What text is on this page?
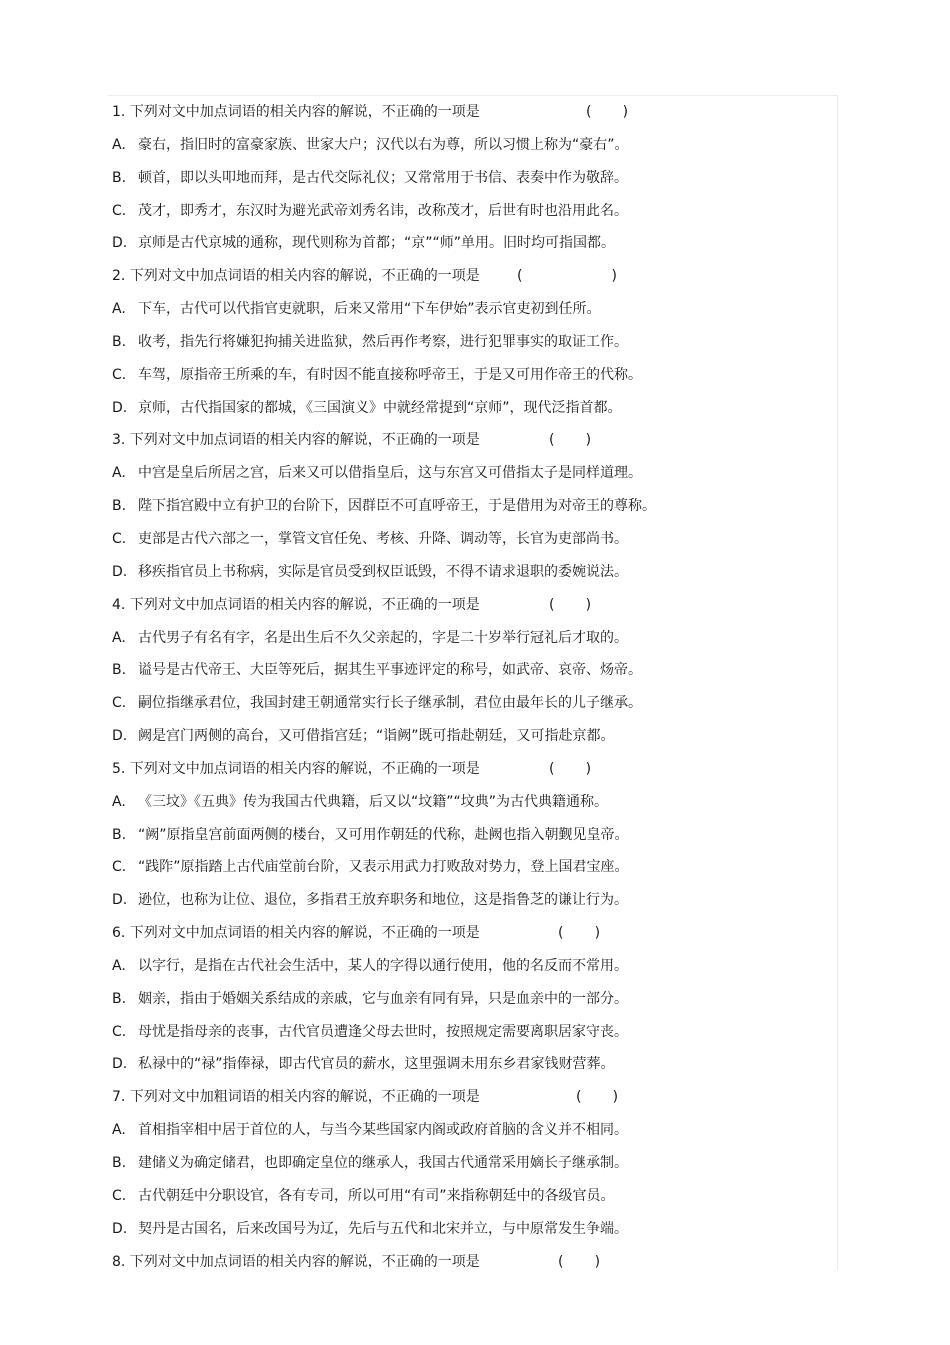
1. 下列对文中加点词语的相关内容的解说，不正确的一项是	(       )
A. 豪右，指旧时的富豪家族、世家大户；汉代以右为尊，所以习惯上称为“豪右”。
B. 顿首，即以头叩地而拜，是古代交际礼仪；又常常用于书信、表奏中作为敬辞。
C. 茂才，即秀才，东汉时为避光武帝刘秀名讳，改称茂才，后世有时也沿用此名。
D. 京师是古代京城的通称，现代则称为首都；“京”“师”单用。旧时均可指国都。
2. 下列对文中加点词语的相关内容的解说，不正确的一项是	(                    )
A. 下车，古代可以代指官吏就职，后来又常用“下车伊始”表示官吏初到任所。
B. 收考，指先行将嫌犯拘捕关进监狱，然后再作考察，进行犯罪事实的取证工作。
C. 车驾，原指帝王所乘的车，有时因不能直接称呼帝王，于是又可用作帝王的代称。
D. 京师，古代指国家的都城，《三国演义》中就经常提到“京师”，现代泛指首都。
3. 下列对文中加点词语的相关内容的解说，不正确的一项是	(       )
A. 中宫是皇后所居之宫，后来又可以借指皇后，这与东宫又可借指太子是同样道理。
B. 陛下指宫殿中立有护卫的台阶下，因群臣不可直呼帝王，于是借用为对帝王的尊称。
C. 吏部是古代六部之一，掌管文官任免、考核、升降、调动等，长官为吏部尚书。
D. 移疾指官员上书称病，实际是官员受到权臣诋毁，不得不请求退职的委婉说法。
4. 下列对文中加点词语的相关内容的解说，不正确的一项是	(       )
A. 古代男子有名有字，名是出生后不久父亲起的，字是二十岁举行冠礼后才取的。
B. 谥号是古代帝王、大臣等死后，据其生平事迹评定的称号，如武帝、哀帝、炀帝。
C. 嗣位指继承君位，我国封建王朝通常实行长子继承制，君位由最年长的儿子继承。
D. 阙是宫门两侧的高台，又可借指宫廷；“诣阙”既可指赴朝廷，又可指赴京都。
5. 下列对文中加点词语的相关内容的解说，不正确的一项是	(       )
A. 《三坟》《五典》传为我国古代典籍，后又以“坟籍”“坟典”为古代典籍通称。
B. “阙”原指皇宫前面两侧的楼台，又可用作朝廷的代称，赴阙也指入朝觐见皇帝。
C. “践阼”原指踏上古代庙堂前台阶，又表示用武力打败敌对势力，登上国君宝座。
D. 逊位，也称为让位、退位，多指君王放弃职务和地位，这是指鲁芝的谦让行为。
6. 下列对文中加点词语的相关内容的解说，不正确的一项是	(       )
A. 以字行，是指在古代社会生活中，某人的字得以通行使用，他的名反而不常用。
B. 姻亲，指由于婚姻关系结成的亲戚，它与血亲有同有异，只是血亲中的一部分。
C. 母忧是指母亲的丧事，古代官员遭逢父母去世时，按照规定需要离职居家守丧。
D. 私禄中的“禄”指俸禄，即古代官员的薪水，这里强调未用东乡君家钱财营葬。
7. 下列对文中加粗词语的相关内容的解说，不正确的一项是	(       )
A. 首相指宰相中居于首位的人，与当今某些国家内阁或政府首脑的含义并不相同。
B. 建储义为确定储君，也即确定皇位的继承人，我国古代通常采用嫡长子继承制。
C. 古代朝廷中分职设官，各有专司，所以可用“有司”来指称朝廷中的各级官员。
D. 契丹是古国名，后来改国号为辽，先后与五代和北宋并立，与中原常发生争端。
8. 下列对文中加点词语的相关内容的解说，不正确的一项是	(       )
